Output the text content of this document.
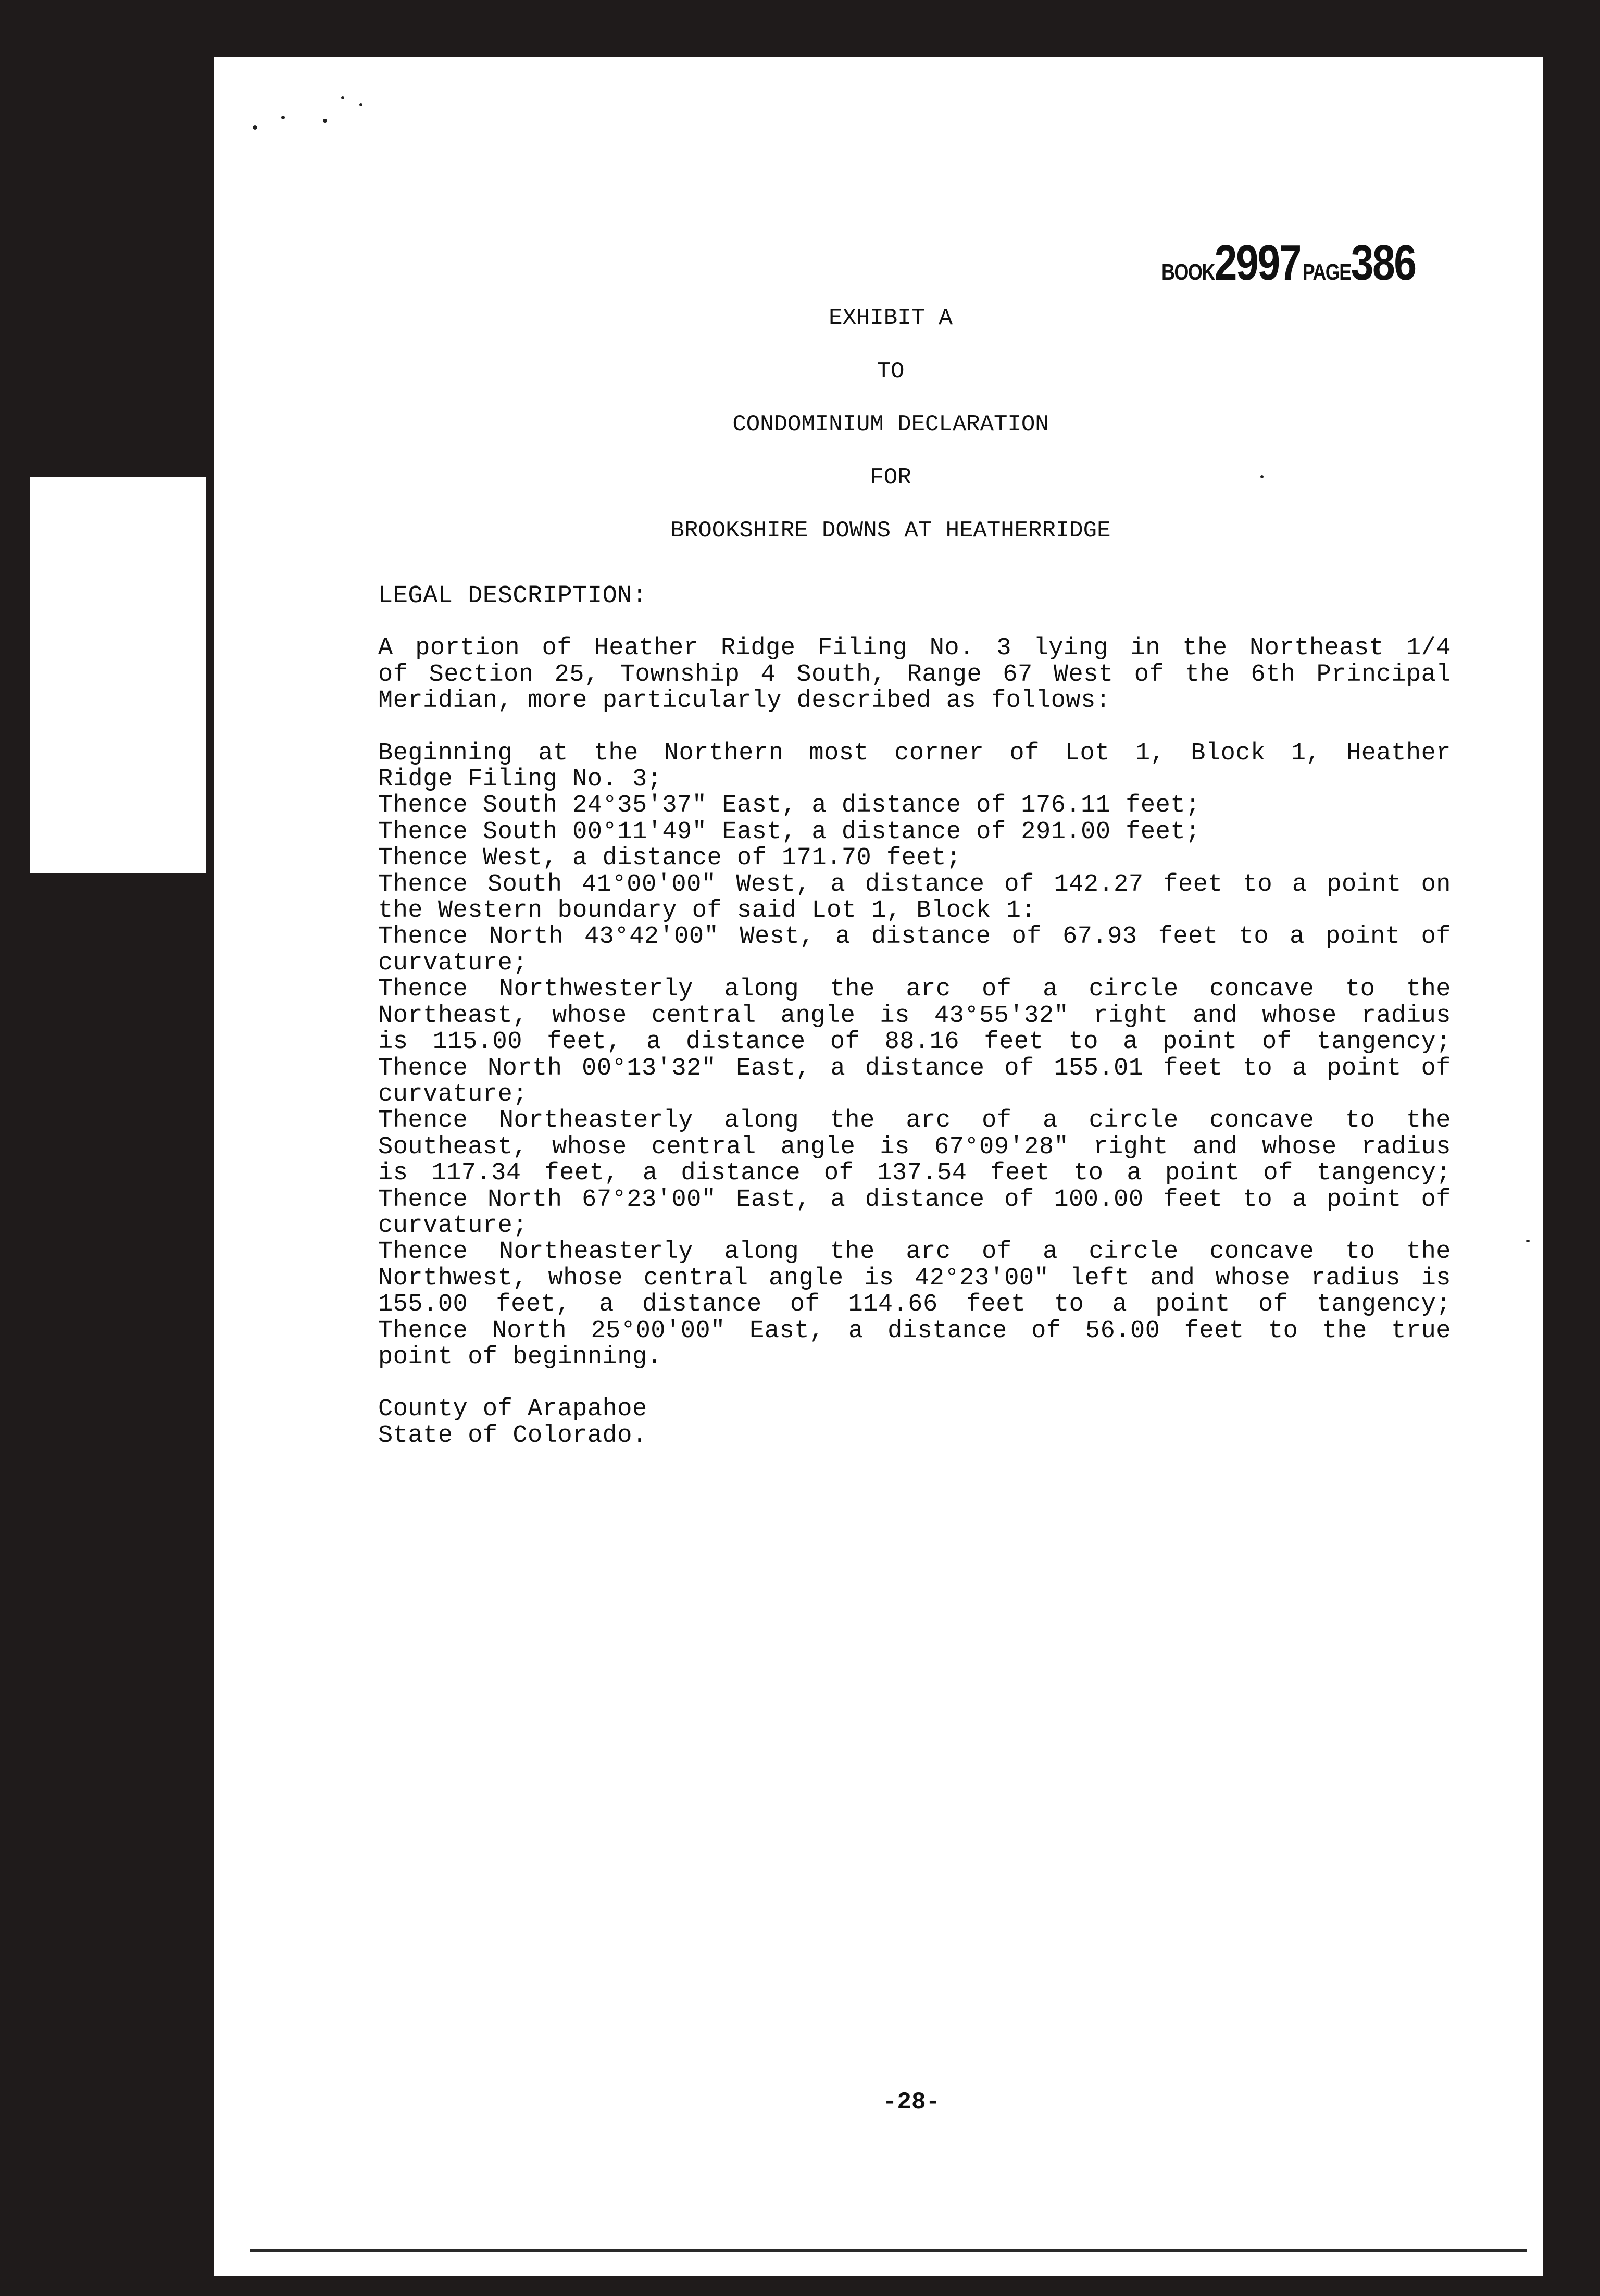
BOOK2997 PAGE386
EXHIBIT A
TO
CONDOMINIUM DECLARATION
FOR
BROOKSHIRE DOWNS AT HEATHERRIDGE
LEGAL DESCRIPTION:
A portion of Heather Ridge Filing No. 3 lying in the Northeast 1/4
of Section 25, Township 4 South, Range 67 West of the 6th Principal
Meridian, more particularly described as follows:
Beginning at the Northern most corner of Lot 1, Block 1, Heather
Ridge Filing No. 3;
Thence South 24°35'37" East, a distance of 176.11 feet;
Thence South 00°11'49" East, a distance of 291.00 feet;
Thence West, a distance of 171.70 feet;
Thence South 41°00'00" West, a distance of 142.27 feet to a point on
the Western boundary of said Lot 1, Block 1:
Thence North 43°42'00" West, a distance of 67.93 feet to a point of
curvature;
Thence Northwesterly along the arc of a circle concave to the
Northeast, whose central angle is 43°55'32" right and whose radius
is 115.00 feet, a distance of 88.16 feet to a point of tangency;
Thence North 00°13'32" East, a distance of 155.01 feet to a point of
curvature;
Thence Northeasterly along the arc of a circle concave to the
Southeast, whose central angle is 67°09'28" right and whose radius
is 117.34 feet, a distance of 137.54 feet to a point of tangency;
Thence North 67°23'00" East, a distance of 100.00 feet to a point of
curvature;
Thence Northeasterly along the arc of a circle concave to the
Northwest, whose central angle is 42°23'00" left and whose radius is
155.00 feet, a distance of 114.66 feet to a point of tangency;
Thence North 25°00'00" East, a distance of 56.00 feet to the true
point of beginning.
County of Arapahoe
State of Colorado.
-28-
